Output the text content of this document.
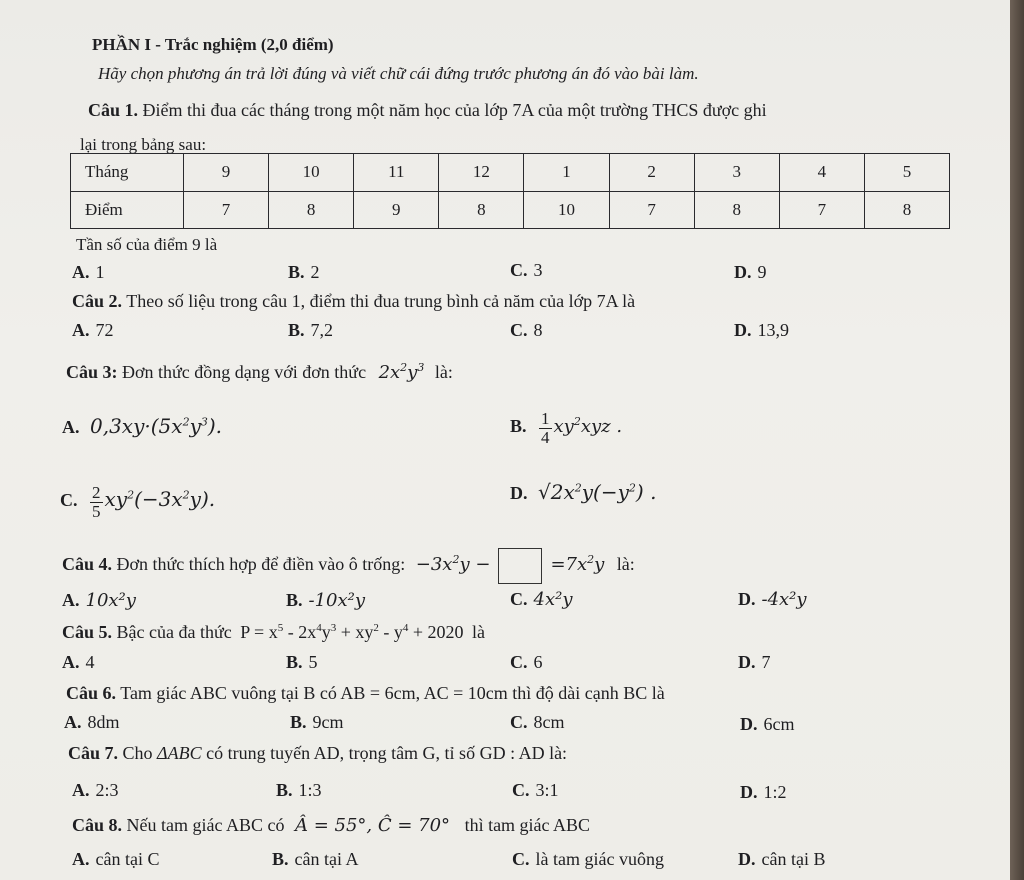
PHẦN I - Trắc nghiệm (2,0 điểm)
Hãy chọn phương án trả lời đúng và viết chữ cái đứng trước phương án đó vào bài làm.
Câu 1. Điểm thi đua các tháng trong một năm học của lớp 7A của một trường THCS được ghi
lại trong bảng sau:
Tháng	9	10	11	12	1	2	3	4	5
Điểm	7	8	9	8	10	7	8	7	8
Tần số của điểm 9 là
A. 1	B. 2	C. 3	D. 9
Câu 2. Theo số liệu trong câu 1, điểm thi đua trung bình cả năm của lớp 7A là
A. 72	B. 7,2	C. 8	D. 13,9
Câu 3: Đơn thức đồng dạng với đơn thức $2x^2y^3$ là:
A. $0,3xy\cdot(5x^2y^3)$.	B. $\frac{1}{4} xy^2xyz$ .
C. $\frac{2}{5} xy^2(-3x^2y)$.	D. $√2x^2y(-y^2)$ .
Câu 4. Đơn thức thích hợp để điền vào ô trống: $-3x^2y$ −	$=7x^2y$ là:
A. 10x²y	B. -10x²y	C. 4x²y	D. -4x²y
Câu 5. Bậc của đa thức $P = x^5 - 2x^4y^3 + xy^2 - y^4 + 2020$ là
A. 4	B. 5	C. 6	D. 7
Câu 6. Tam giác ABC vuông tại B có AB = 6cm, AC = 10cm thì độ dài cạnh BC là
A. 8dm	B. 9cm	C. 8cm	D. 6cm
Câu 7. Cho ΔABC có trung tuyến AD, trọng tâm G, tỉ số GD : AD là:
A. 2:3	B. 1:3	C. 3:1	D. 1:2
Câu 8. Nếu tam giác ABC có Â = 55°, Ĉ = 70° thì tam giác ABC
A. cân tại C	B. cân tại A	C. là tam giác vuông	D. cân tại B
